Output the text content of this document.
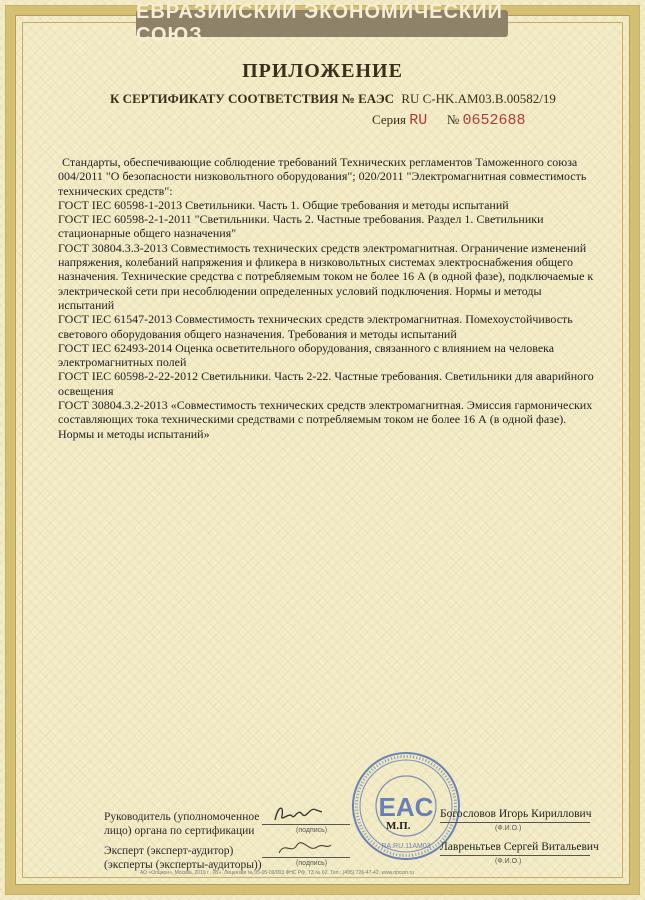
ЕВРАЗИЙСКИЙ ЭКОНОМИЧЕСКИЙ СОЮЗ
ПРИЛОЖЕНИЕ
К СЕРТИФИКАТУ СООТВЕТСТВИЯ № ЕАЭС RU C-HK.AM03.B.00582/19
Серия RU № 0652688

Стандарты, обеспечивающие соблюдение требований Технических регламентов Таможенного союза 004/2011 "О безопасности низковольтного оборудования"; 020/2011 "Электромагнитная совместимость технических средств":

ГОСТ IEC 60598-1-2013 Светильники. Часть 1. Общие требования и методы испытаний

ГОСТ IEC 60598-2-1-2011 "Светильники. Часть 2. Частные требования. Раздел 1. Светильники стационарные общего назначения"

ГОСТ 30804.3.3-2013 Совместимость технических средств электромагнитная. Ограничение изменений напряжения, колебаний напряжения и фликера в низковольтных системах электроснабжения общего назначения. Технические средства с потребляемым током не более 16 А (в одной фазе), подключаемые к электрической сети при несоблюдении определенных условий подключения. Нормы и методы испытаний

ГОСТ IEC 61547-2013 Совместимость технических средств электромагнитная. Помехоустойчивость светового оборудования общего назначения. Требования и методы испытаний

ГОСТ IEC 62493-2014 Оценка осветительного оборудования, связанного с влиянием на человека электромагнитных полей

ГОСТ IEC 60598-2-22-2012 Светильники. Часть 2-22. Частные требования. Светильники для аварийного освещения

ГОСТ 30804.3.2-2013 «Совместимость технических средств электромагнитная. Эмиссия гармонических составляющих тока техническими средствами с потребляемым током не более 16 А (в одной фазе). Нормы и методы испытаний»

EAC
RA.RU.11AM03
Руководитель (уполномоченное
лицо) органа по сертификации	(подпись)	М.П.
Богословов Игорь Кириллович
(Ф.И.О.)
Эксперт (эксперт-аудитор)
(эксперты (эксперты-аудиторы))	(подпись)
Лавреньтьев Сергей Витальевич
(Ф.И.О.)
АО «Опцион», Москва, 2019 г., «Б». Лицензия № 05-05-09/003 ФНС РФ, ТЗ № 62. Тел.: (495) 726-47-42, www.opcion.ru
